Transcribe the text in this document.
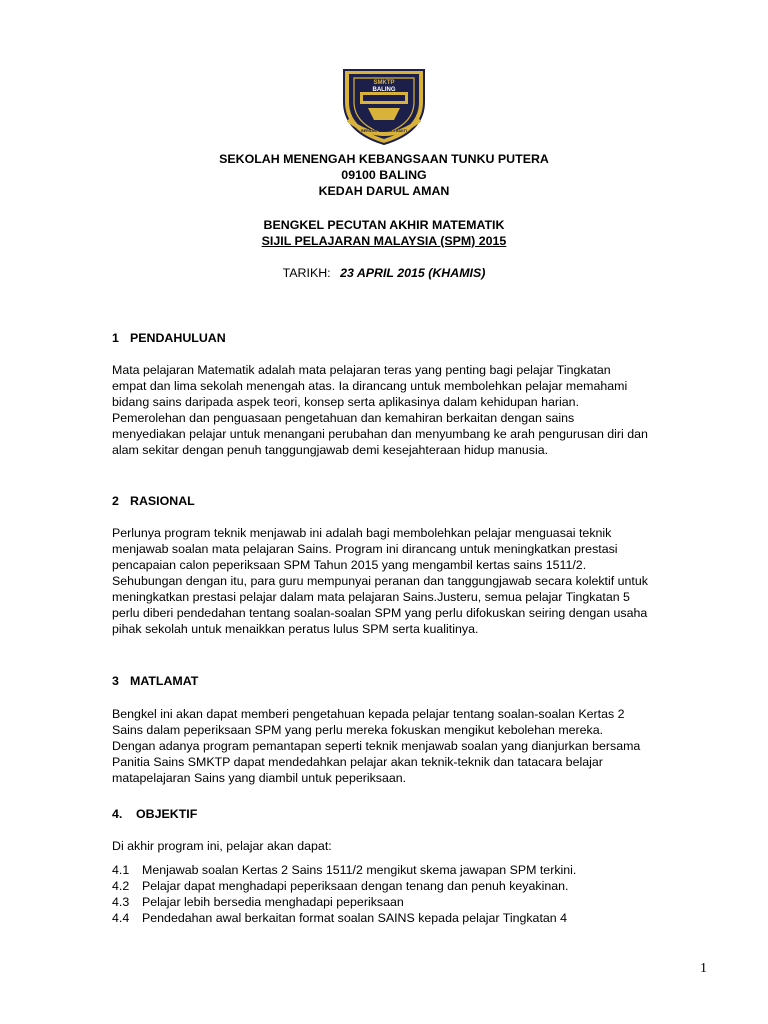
SMKTP
BALING
BERILMU BERBUDI BAKTI
SEKOLAH MENENGAH KEBANGSAAN TUNKU PUTERA
09100 BALING
KEDAH DARUL AMAN
BENGKEL PECUTAN AKHIR MATEMATIK
SIJIL PELAJARAN MALAYSIA (SPM) 2015
TARIKH: 23 APRIL 2015 (KHAMIS)
1 PENDAHULUAN
Mata pelajaran Matematik adalah mata pelajaran teras yang penting bagi pelajar Tingkatan
empat dan lima sekolah menengah atas. Ia dirancang untuk membolehkan pelajar memahami
bidang sains daripada aspek teori, konsep serta aplikasinya dalam kehidupan harian.
Pemerolehan dan penguasaan pengetahuan dan kemahiran berkaitan dengan sains
menyediakan pelajar untuk menangani perubahan dan menyumbang ke arah pengurusan diri dan
alam sekitar dengan penuh tanggungjawab demi kesejahteraan hidup manusia.
2 RASIONAL
Perlunya program teknik menjawab ini adalah bagi membolehkan pelajar menguasai teknik
menjawab soalan mata pelajaran Sains. Program ini dirancang untuk meningkatkan prestasi
pencapaian calon peperiksaan SPM Tahun 2015 yang mengambil kertas sains 1511/2.
Sehubungan dengan itu, para guru mempunyai peranan dan tanggungjawab secara kolektif untuk
meningkatkan prestasi pelajar dalam mata pelajaran Sains.Justeru, semua pelajar Tingkatan 5
perlu diberi pendedahan tentang soalan-soalan SPM yang perlu difokuskan seiring dengan usaha
pihak sekolah untuk menaikkan peratus lulus SPM serta kualitinya.
3 MATLAMAT
Bengkel ini akan dapat memberi pengetahuan kepada pelajar tentang soalan-soalan Kertas 2
Sains dalam peperiksaan SPM yang perlu mereka fokuskan mengikut kebolehan mereka.
Dengan adanya program pemantapan seperti teknik menjawab soalan yang dianjurkan bersama
Panitia Sains SMKTP dapat mendedahkan pelajar akan teknik-teknik dan tatacara belajar
matapelajaran Sains yang diambil untuk peperiksaan.
4. OBJEKTIF
Di akhir program ini, pelajar akan dapat:
4.1 Menjawab soalan Kertas 2 Sains 1511/2 mengikut skema jawapan SPM terkini.
4.2 Pelajar dapat menghadapi peperiksaan dengan tenang dan penuh keyakinan.
4.3 Pelajar lebih bersedia menghadapi peperiksaan
4.4 Pendedahan awal berkaitan format soalan SAINS kepada pelajar Tingkatan 4
1
